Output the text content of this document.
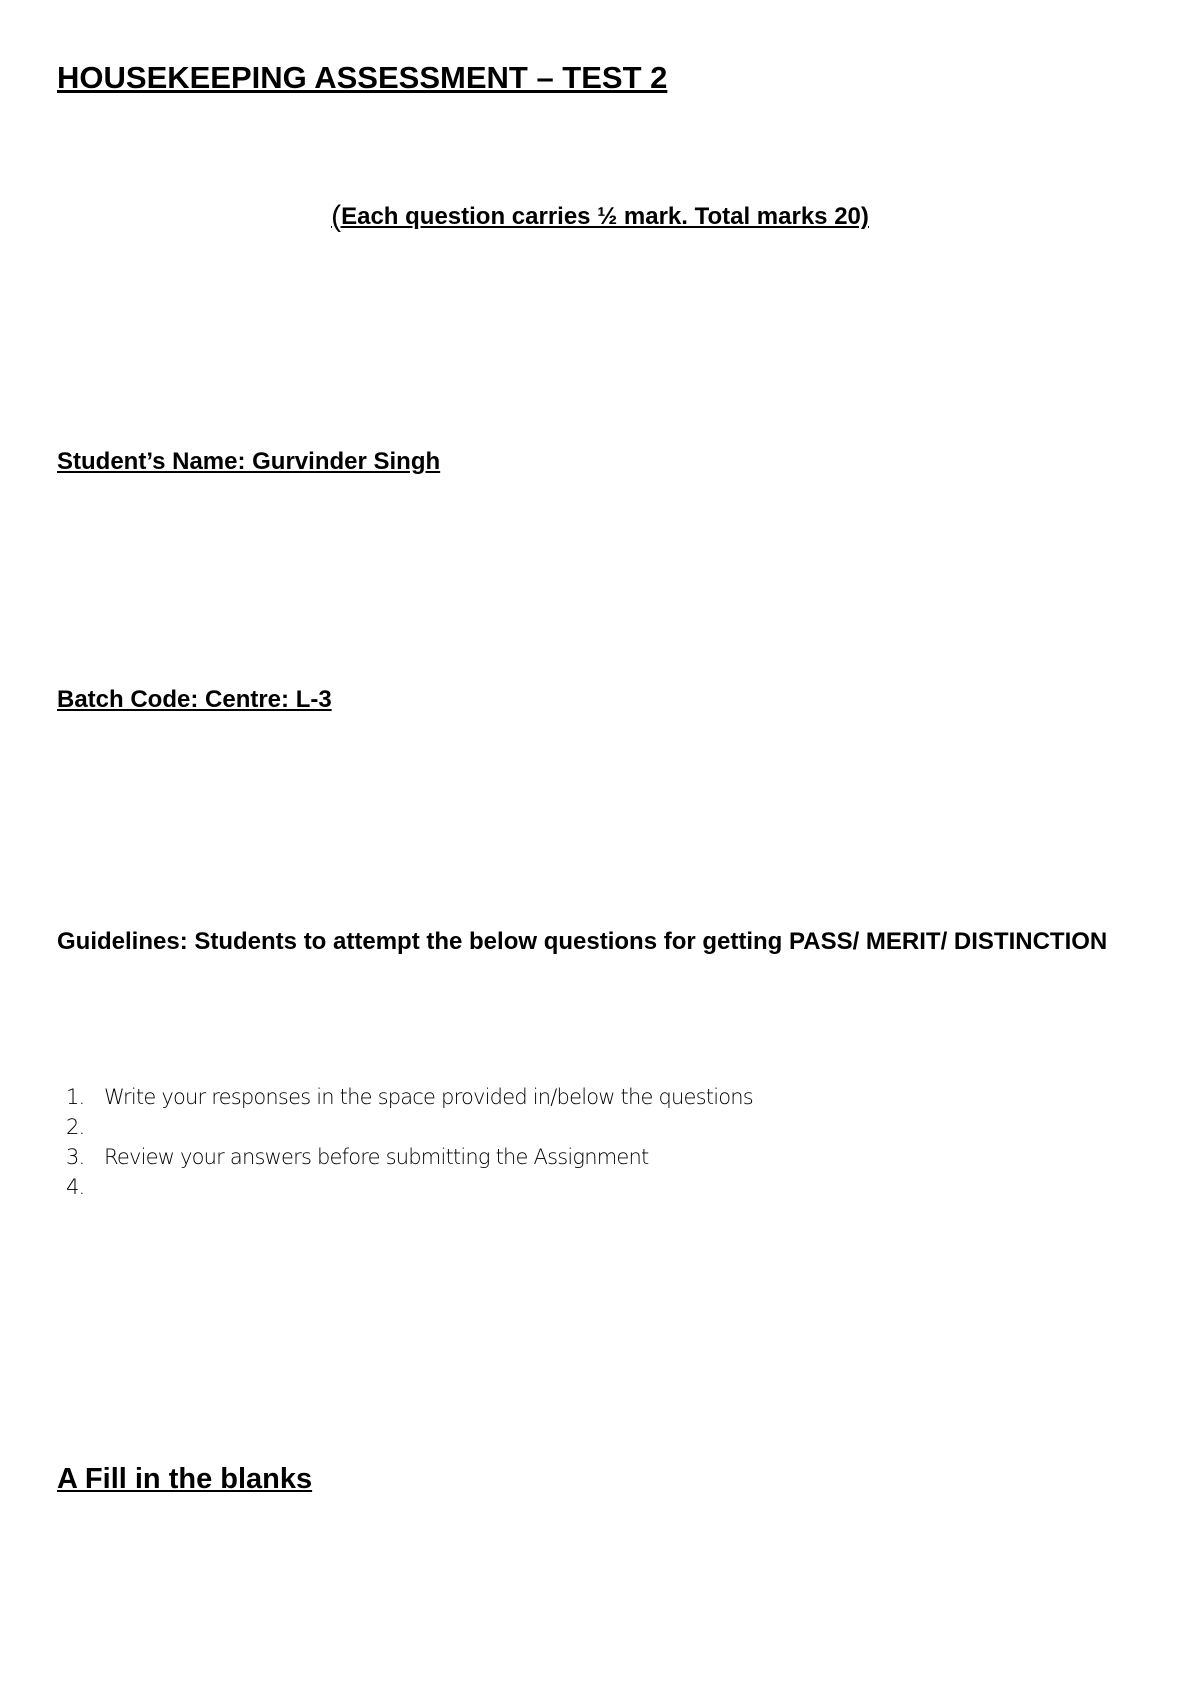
HOUSEKEEPING ASSESSMENT – TEST 2

(Each question carries ½ mark. Total marks 20)

Student’s Name: Gurvinder Singh

Batch Code: Centre: L-3

Guidelines: Students to attempt the below questions for getting PASS/ MERIT/ DISTINCTION

1. Write your responses in the space provided in/below the questions
2.
3. Review your answers before submitting the Assignment
4.
A Fill in the blanks
